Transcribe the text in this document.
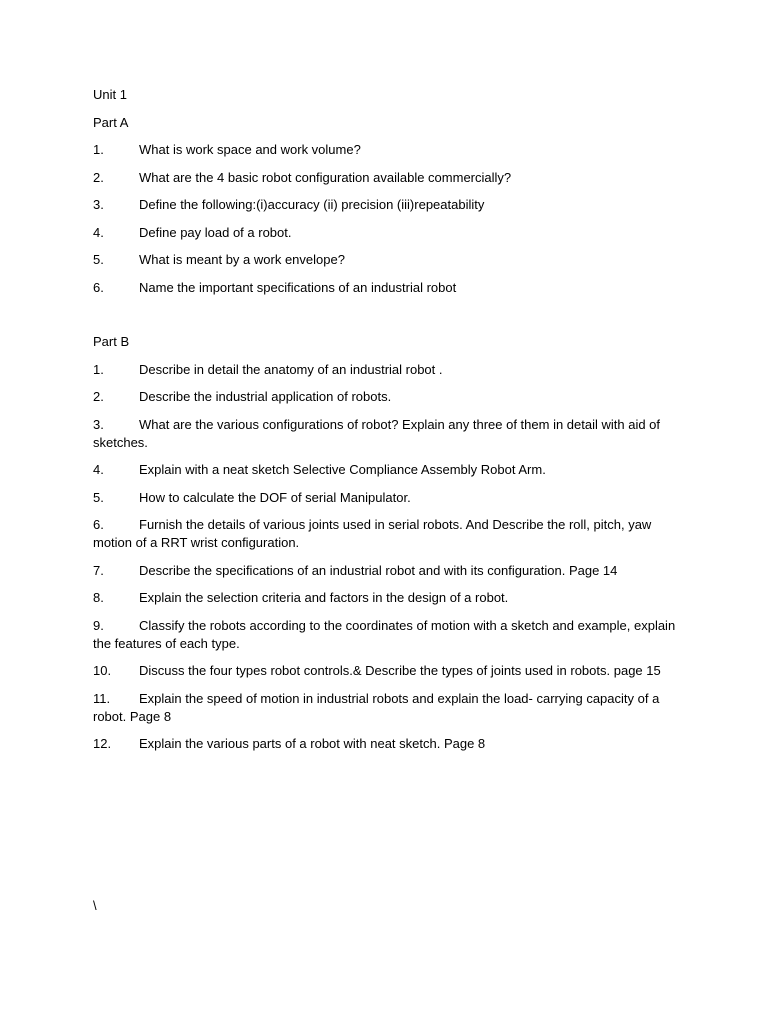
Unit 1

Part A

1.	What is work space and work volume?

2.	What are the 4 basic robot configuration available commercially?

3.	Define the following:(i)accuracy (ii) precision (iii)repeatability

4.	Define pay load of a robot.

5.	What is meant by a work envelope?

6.	Name the important specifications of an industrial robot

Part B

1.	Describe in detail the anatomy of an industrial robot .

2.	Describe the industrial application of robots.

3.	What are the various configurations of robot? Explain any three of them in detail with aid of sketches.

4.	Explain with a neat sketch Selective Compliance Assembly Robot Arm.

5.	How to calculate the DOF of serial Manipulator.

6.	Furnish the details of various joints used in serial robots. And Describe the roll, pitch, yaw motion of a RRT wrist configuration.

7.	Describe the specifications of an industrial robot and with its configuration. Page 14

8.	Explain the selection criteria and factors in the design of a robot.

9.	Classify the robots according to the coordinates of motion with a sketch and example, explain the features of each type.

10. Discuss the four types robot controls.& Describe the types of joints used in robots. page 15

11. Explain the speed of motion in industrial robots and explain the load- carrying capacity of a robot. Page 8

12. Explain the various parts of a robot with neat sketch. Page 8

\
